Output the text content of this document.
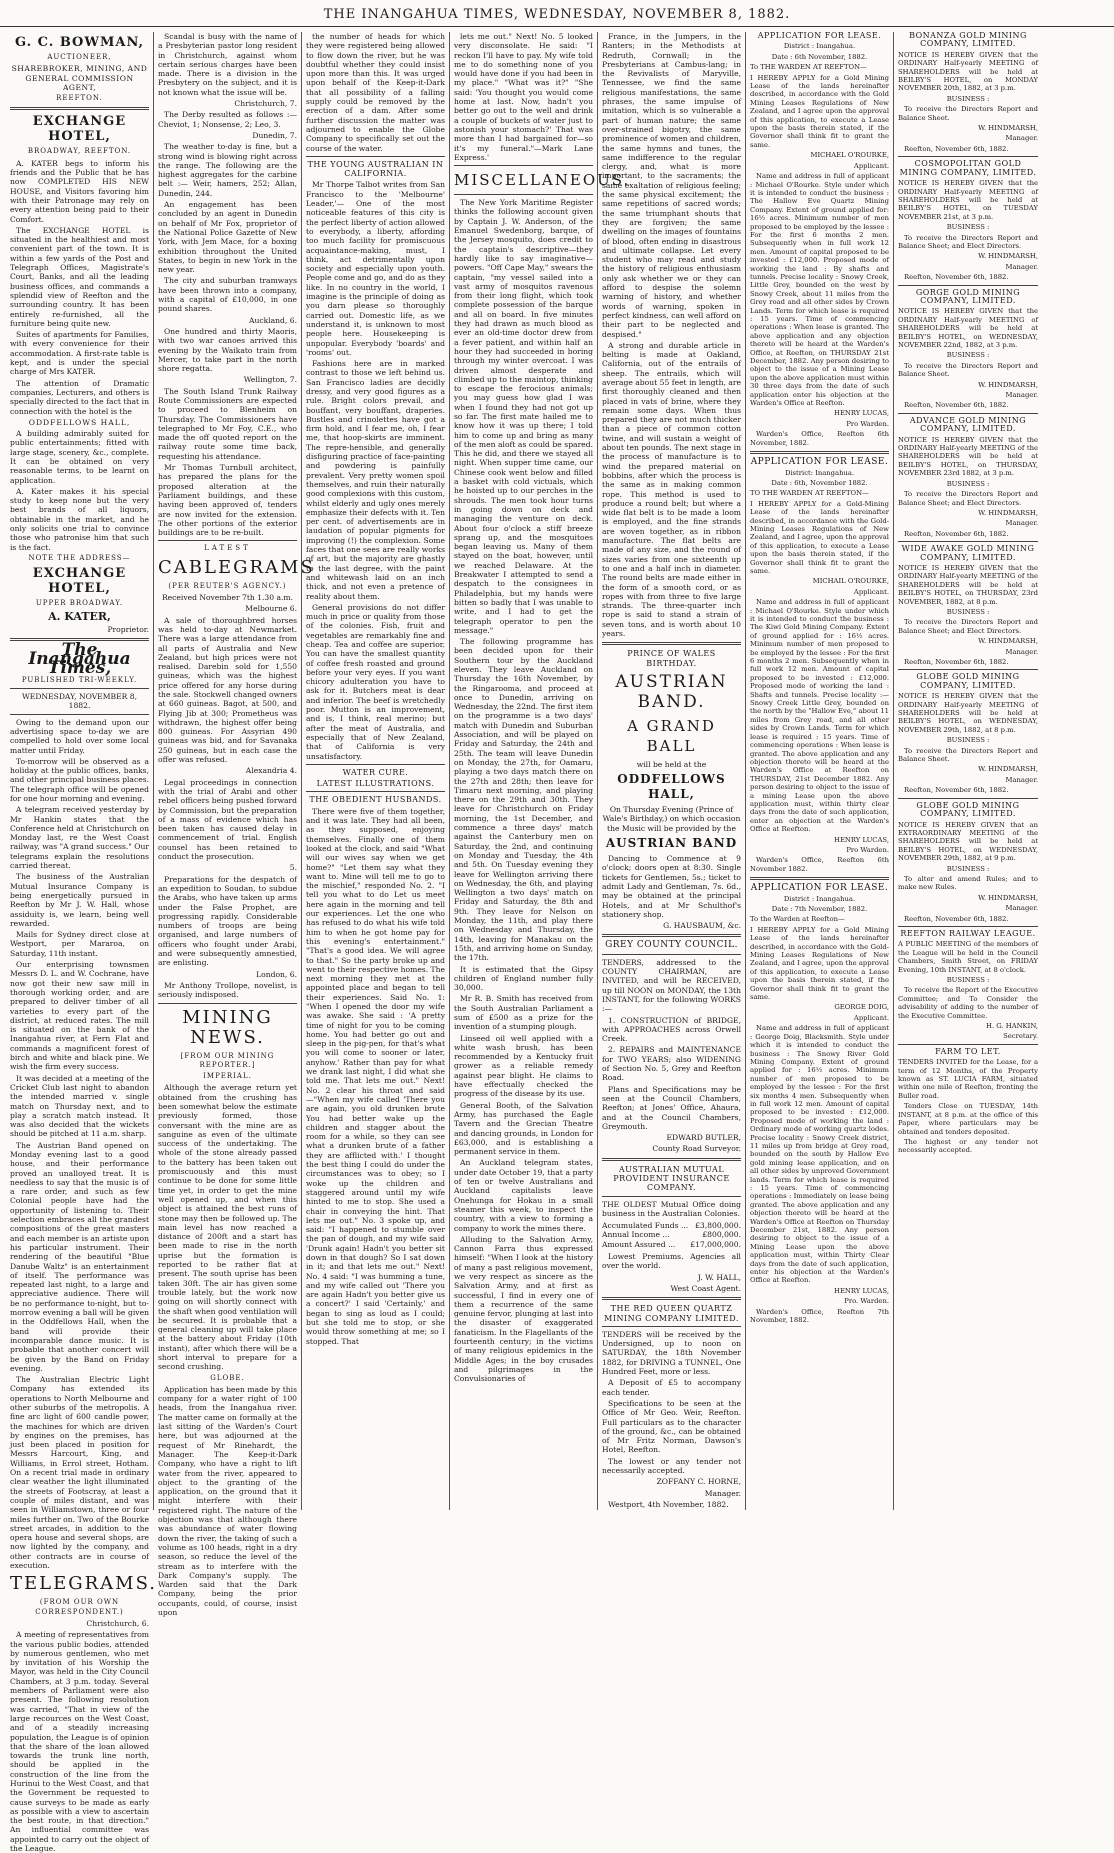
THE INANGAHUA TIMES, WEDNESDAY, NOVEMBER 8, 1882.
G. C. BOWMAN,

AUCTIONEER,

SHAREBROKER, MINING, AND GENERAL COMMISSION AGENT,

REEFTON.

EXCHANGE HOTEL,

BROADWAY, REEFTON.

A. KATER begs to inform his friends and the Public that he has now COMPLETED HIS NEW HOUSE, and Visitors favoring him with their Patronage may rely on every attention being paid to their Comfort.

The EXCHANGE HOTEL is situated in the healthiest and most convenient part of the town. It is within a few yards of the Post and Telegraph Offices, Magistrate's Court, Banks, and all the leading business offices, and commands a splendid view of Reefton and the surrounding country. It has been entirely re-furnished, all the furniture being quite new.

Suites of apartments for Families, with every convenience for their accommodation. A first-rate table is kept, and is under the special charge of Mrs KATER.

The attention of Dramatic companies, Lecturers, and others is specially directed to the fact that in connection with the hotel is the

ODDFELLOWS HALL,

A building admirably suited for public entertainments; fitted with large stage, scenery, &c., complete. It can be obtained on very reasonable terms, to be learnt on application.

A. Kater makes it his special study to keep none but the very best brands of all liquors, obtainable in the market, and he only solicits one trial to convince those who patronise him that such is the fact.

NOTE THE ADDRESS—

EXCHANGE HOTEL,

UPPER BROADWAY.

A. KATER,

Proprietor.

The Inangahua Times,

PUBLISHED TRI-WEEKLY.

WEDNESDAY, NOVEMBER 8, 1882.

Owing to the demand upon our advertising space to-day we are compelled to hold over some local matter until Friday.

To-morrow will be observed as a holiday at the public offices, banks, and other principal business places. The telegraph office will be opened for one hour morning and evening.

A telegram received yesterday by Mr Hankin states that the Conference held at Christchurch on Monday last, re the West Coast railway, was "A grand success." Our telegrams explain the resolutions carried thereat.

The business of the Australian Mutual Insurance Company is being energetically pursued in Reefton by Mr J. W. Hall, whose assiduity is, we learn, being well rewarded.

Mails for Sydney direct close at Westport, per Mararoa, on Saturday, 11th instant.

Our enterprising townsmen Messrs D. L. and W. Cochrane, have now got their new saw mill in thorough working order, and are prepared to deliver timber of all varieties to every part of the district, at reduced rates. The mill is situated on the bank of the Inangahua river, at Fern Flat and commands a magnificent forest of birch and white and black pine. We wish the firm every success.

It was decided at a meeting of the Cricket Club last night to abandon the intended married v. single match on Thursday next, and to play a scratch match instead. It was also decided that the wickets should be pitched at 11 a.m. sharp.

The Austrian Band opened on Monday evening last to a good house, and their performance proved an unalloyed treat. It is needless to say that the music is of a rare order, and such as few Colonial people have had the opportunity of listening to. Their selection embraces all the grandest compositions of the great masters and each member is an artiste upon his particular instrument. Their rendering of the beautiful "Blue Danube Waltz" is an entertainment of itself. The performance was repeated last night, to a large and appreciative audience. There will be no performance to-night, but to-morrow evening a ball will be given in the Oddfellows Hall, when the band will provide their incomparable dance music. It is probable that another concert will be given by the Band on Friday evening.

The Australian Electric Light Company has extended its operations to North Melbourne and other suburbs of the metropolis. A fine arc light of 600 candle power, the machines for which are driven by engines on the premises, has just been placed in position for Messrs Harcourt, King, and Williams, in Errol street, Hotham. On a recent trial made in ordinary clear weather the light illuminated the streets of Footscray, at least a couple of miles distant, and was seen in Williamstown, three or four miles further on. Two of the Bourke street arcades, in addition to the opera house and several shops, are now lighted by the company, and other contracts are in course of execution.

TELEGRAMS.

(FROM OUR OWN CORRESPONDENT.)

Christchurch, 6.

A meeting of representatives from the various public bodies, attended by numerous gentlemen, who met by invitation of his Worship the Mayor, was held in the City Council Chambers, at 3 p.m. today. Several members of Parliament were also present. The following resolution was carried, "That in view of the large recources on the West Coast, and of a steadily increasing population, the League is of opinion that the share of the loan allowed towards the trunk line north, should be applied in the construction of the line from the Hurinui to the West Coast, and that the Government be requested to cause surveys to be made as early as possible with a view to ascertain the best route, in that direction." An influential committee was appointed to carry out the object of the League.

Scandal is busy with the name of a Presbyterian pastor long resident in Christchurch, against whom certain serious charges have been made. There is a division in the Presbytery on the subject, and it is not known what the issue will be.

Christchurch, 7.

The Derby resulted as follows :— Cheviot, 1; Nonsense, 2; Leo, 3.

Dunedin, 7.

The weather to-day is fine, but a strong wind is blowing right across the range. The following are the highest aggregates for the carbine belt :— Weir, hamers, 252; Allan, Dunedin, 244.

An engagement has been concluded by an agent in Dunedin on behalf of Mr Fox, proprietor of the National Police Gazette of New York, with Jem Mace, for a boxing exhibition throughout the United States, to begin in new York in the new year.

The city and suburban tramways have been thrown into a company, with a capital of £10,000, in one pound shares.

Auckland, 6.

One hundred and thirty Maoris, with two war canoes arrived this evening by the Waikato train from Mercer, to take part in the north shore regatta.

Wellington, 7.

The South Island Trunk Railway Route Commissioners are expected to proceed to Blenheim on Thursday. The Commissioners have telegraphed to Mr Foy, C.E., who made the off quoted report on the railway route some time back, requesting his attendance.

Mr Thomas Turnbull architect, has prepared the plans for the proposed alteration at the Parliament buildings, and these having been approved of, tenders are now invited for the extension. The other portions of the exterior buildings are to be re-built.

LATEST

CABLEGRAMS

(PER REUTER'S AGENCY.)

Received November 7th 1.30 a.m.

Melbourne 6.

A sale of thoroughbred horses was held to-day at Newmarket. There was a large attendance from all parts of Australia and New Zealand, but high prices were not realised. Darebin sold for 1,550 guineas, which was the highest price offered for any horse during the sale. Stockwell changed owners at 660 guineas. Bagot, at 500, and Flying Jib at 300; Prometheus was withdrawn, the highest offer being 800 guineas. For Assyrian 490 guineas was bid, and for Savanaka 250 guineas, but in each case the offer was refused.

Alexandria 4.

Legal proceedings in connection with the trial of Arabi and other rebel officers being pushed forward by Commission, but the preparation of a mass of evidence which has been taken has caused delay in commencement of trial. English counsel has been retained to conduct the prosecution.

5.

Preparations for the despatch of an expedition to Soudan, to subdue the Arabs, who have taken up arms under the False Prophet, are progressing rapidly. Considerable numbers of troops are being organised, and large numbers of officers who fought under Arabi, and were subsequently amnestied, are enlisting.

London, 6.

Mr Anthony Trollope, novelist, is seriously indisposed.

MINING NEWS.

[FROM OUR MINING REPORTER.]

IMPERIAL.

Although the average return yet obtained from the crushing has been somewhat below the estimate previously formed, those conversant with the mine are as sanguine as even of the ultimate success of the undertaking. The whole of the stone already passed to the battery has been taken out promiscuously and this must continue to be done for some little time yet, in order to get the mine well opened up, and when this object is attained the best runs of stone may then be followed up. The main level has now reached a distance of 200ft and a start has been made to rise in the north uprise but the formation is reported to be rather flat at present. The south uprise has been taken 30ft. The air has given some trouble lately, but the work now going on will shortly connect with the shaft when good ventilation will be secured. It is probable that a general cleaning up will take place at the battery about Friday (10th instant), after which there will be a short interval to prepare for a second crushing.

GLOBE.

Application has been made by this company for a water right of 100 heads, from the Inangahua river. The matter came on formally at the last sitting of the Warden's Court here, but was adjourned at the request of Mr Rinehardt, the Manager. The Keep-it-Dark Company, who have a right to lift water from the river, appeared to object to the granting of the application, on the ground that it might interfere with their registered right. The nature of the objection was that although there was abundance of water flowing down the river, the taking of such a volume as 100 heads, right in a dry season, so reduce the level of the stream as to interfere with the Dark Company's supply. The Warden said that the Dark Company, being the prior occupants, could, of course, insist upon

the number of heads for which they were registered being allowed to flow down the river, but he was doubtful whether they could insist upon more than this. It was urged upon behalf of the Keep-it-Dark that all possibility of a falling supply could be removed by the erection of a dam. After some further discussion the matter was adjourned to enable the Globe Company to specifically set out the course of the water.

THE YOUNG AUSTRALIAN IN CALIFORNIA.

Mr Thorpe Talbot writes from San Francisco to the 'Melbourne' Leader,'— One of the most noticeable features of this city is the perfect liberty of action allowed to everybody, a liberty, affording too much facility for promiscuous acquaintance-making, must, I think, act detrimentally upon society and especially upon youth. People come and go, and do as they like. In no country in the world, I imagine is the principle of doing as you darn please so thoroughly carried out. Domestic life, as we understand it, is unknown to most people here. Housekeeping is unpopular. Everybody 'boards' and 'rooms' out.

Fashions here are in marked contrast to those we left behind us. San Francisco ladies are decidly dressy, and very good figures as a rule. Bright colors prevail, and bouffant, very bouffant, draperies. Bustles and crinolettes have got a firm hold, and I fear me, oh, I fear me, that hoop-skirts are imminent. The repre-hensible, and generally disfiguring practice of face-painting and powdering is painfully prevalent. Very pretty women spoil themselves, and ruin their naturally good complexions with this custom, whilst elderly and ugly ones merely emphasize their defects with it. Ten per cent. of advertisements are in laudation of popular pigments for improving (!) the complexion. Some faces that one sees are really works of art, but the majority are ghastly to the last degree, with the paint and whitewash laid on an inch thick, and not even a pretence of reality about them.

General provisions do not differ much in price or quality from those of the colonies. Fish, fruit and vegetables are remarkably fine and cheap. Tea and coffee are superior. You can have the smallest quantity of coffee fresh roasted and ground before your very eyes. If you want chicory adulteration you have to ask for it. Butchers meat is dear and inferior. The beef is wretchedly poor. Mutton is an improvement, and is, I think, real merino; but after the meat of Australia, and especially that of New Zealand, that of California is very unsatisfactory.

WATER CURE.

LATEST ILLUSTRATIONS.

THE OBEDIENT HUSBANDS.

There were five of them together, and it was late. They had all been, as they supposed, enjoying themselves. Finally one of them looked at the clock, and said "What will our wives say when we get home?" "Let them say what they want to. Mine will tell me to go to the mischief," responded No. 2. "I tell you what to do Let us meet here again in the morning and tell our experiences. Let the one who has refused to do what his wife told him to when he got home pay for this evening's entertainment." "That's a good idea. We will agree to that." So the party broke up and went to their respective homes. The next morning they met at the appointed place and began to tell their experiences. Said No. 1: "When I opened the door my wife was awake. She said : 'A pretty time of night for you to be coming home. You had better go out and sleep in the pig-pen, for that's what you will come to sooner or later, anyhow.' Rather than pay for what we drank last night, I did what she told me. That lets me out." Next! No. 2 clear his throat and said—"When my wife called 'There you are again, you old drunken brute You had better wake up the children and stagger about the room for a while, so they can see what a drunken brute of a father they are afflicted with.' I thought the best thing I could do under the circumstances was to obey; so I woke up the children and staggered around until my wife hinted to me to stop. She used a chair in conveying the hint. That lets me out." No. 3 spoke up, and said: "I happened to stumble over the pan of dough, and my wife said 'Drunk again! Hadn't you better sit down in that dough? So I sat down in it; and that lets me out." Next! No. 4 said: "I was humming a tune, and my wife called out 'There you are again Hadn't you better give us a concert?' I said 'Certainly,' and began to sing as loud as I could; but she told me to stop, or she would throw something at me; so I stopped. That

lets me out." Next! No. 5 looked very disconsolate. He said: "I reckon I'll have to pay. My wife told me to do something none of you would have done if you had been in my place." "What was it?" "She said: 'You thought you would come home at last. Now, hadn't you better go out to the well and drink a couple of buckets of water just to astonish your stomach?' That was more than I had bargained for—so it's my funeral."—Mark Lane Express.'

MISCELLANEOUS.

The New York Maritime Register thinks the following account given by Captain J. W. Anderson, of the Emanuel Swedenborg, barque, of the Jersey mosquito, does credit to the captain's descriptive—they hardly like to say imaginative—powers. "Off Cape May," swears the captain, "my vessel sailed into a vast army of mosquitos ravenous from their long flight, which took complete possession of the barque and all on board. In five minutes they had drawn as much blood as ever an old-time doctor drew from a fever patient, and within half an hour they had succeeded in boring through my winter overcoat. I was driven almost desperate and climbed up to the maintop, thinking to escape the ferocious animals; you may guess how glad I was when I found they had not got up so far. The first mate hailed me to know how it was up there; I told him to come up and bring as many of the men aloft as could be spared. This he did, and there we stayed all night. When supper time came, our Chinese cook went below and filled a basket with cold victuals, which he hoisted up to our perches in the shrouds. The men took hour turns in going down on deck and managing the venture on deck. About four o'clock a stiff breeze sprang up, and the mosquitoes began leaving us. Many of them stayed on the boat, however, until we reached Delaware. At the Breakwater I attempted to send a despatch to the consignees in Philadelphia, but my hands were bitten so badly that I was unable to write, and I had to get the telegraph operator to pen the message."

The following programme has been decided upon for their Southern tour by the Auckland eleven. They leave Auckland on Thursday the 16th November, by the Ringarooma, and proceed at once to Dunedin, arriving on Wednesday, the 22nd. The first item on the programme is a two days' match with Dunedin and Suburban Association, and will be played on Friday and Saturday, the 24th and 25th. The team will leave Dunedin on Monday, the 27th, for Oamaru, playing a two days match there on the 27th and 28th; then leave for Timaru next morning, and playing there on the 29th and 30th. They leave for Christchurch on Friday morning, the 1st December, and commence a three days' match against the Canterbury men on Saturday, the 2nd, and continuing on Monday and Tuesday, the 4th and 5th. On Tuesday evening they leave for Wellington arriving there on Wednesday, the 6th, and playing Wellington a two days' match on Friday and Saturday, the 8th and 9th. They leave for Nelson on Monday, the 11th, and play there on Wednesday and Thursday, the 14th, leaving for Manakau on the 15th, and arriving home on Sunday, the 17th.

It is estimated that the Gipsy children of England number fully 30,000.

Mr R. B. Smith has received from the South Australian Parliament a sum of £500 as a prize for the invention of a stumping plough.

Linseed oil well applied with a white wash brush, has been recommended by a Kentucky fruit grower as a reliable remedy against pear blight. He claims to have effectually checked the progress of the disease by its use.

General Booth, of the Salvation Army, has purchased the Eagle Tavern and the Grecian Theatre and dancing grounds, in London for £63,000, and is establishing a permanent service in them.

An Auckland telegram states, under date October 19, that a party of ten or twelve Australians and Auckland capitalists leave Onehunga for Hokau in a small steamer this week, to inspect the country, with a view to forming a company to work the mines there.

Alluding to the Salvation Army, Cannon Farra thus expressed himself: "When I look at the history of many a past religious movement, we very respect as sincere as the Salvation Army, and at first as successful, I find in every one of them a recurrence of the same genuine fervor, plunging at last into the disaster of exaggerated fanaticism. In the Flagellants of the fourteenth century; in the victims of many religious epidemics in the Middle Ages; in the boy crusades and pilgrimages in the Convulsionaries of

France, in the Jumpers, in the Ranters; in the Methodists at Redruth, Cornwall; in the Presbyterians at Cambus-lang; in the Revivalists of Maryville, Tennessee, we find the same religious manifestations, the same phrases, the same impulse of imitation, which is so vulnerable a part of human nature; the same over-strained bigotry, the same prominence of women and children, the same hymns and tunes, the same indifference to the regular clergy, and, what is more important, to the sacraments; the same exaltation of religious feeling; the same physical excitement; the same repetitions of sacred words; the same triumphant shouts that they are forgiven; the same dwelling on the images of fountains of blood, often ending in disastrous and ultimate collapse. Let every student who may read and study the history of religious enthusiasm only ask whether we or they can afford to despise the solemn warning of history, and whether words of warning, spoken in perfect kindness, can well afford on their part to be neglected and despised."

A strong and durable article in belting is made at Oakland, California, out of the entrails of sheep. The entrails, which will average about 55 feet in length, are first thoroughly cleaned and then placed in vats of brine, where they remain some days. When thus prepared they are not much thicker than a piece of common cotton twine, and will sustain a weight of about ten pounds. The next stage in the process of manufacture is to wind the prepared material on bobbins, after which the process is the same as in making common rope. This method is used to produce a round belt; but where a wide flat belt is to be made a loom is employed, and the fine strands are woven together, as in ribbon manufacture. The flat belts are made of any size, and the round of sizes varies from one sixteenth up to one and a half inch in diameter. The round belts are made either in the form of a smooth cord, or as ropes with from three to five large strands. The three-quarter inch rope is said to stand a strain of seven tons, and is worth about 10 years.

PRINCE OF WALES BIRTHDAY.

AUSTRIAN BAND.
A GRAND BALL

will be held at the

ODDFELLOWS HALL,

On Thursday Evening (Prince of Wale's Birthday,) on which occasion the Music will be provided by the

AUSTRIAN BAND

Dancing to Commence at 9 o'clock; doors open at 8:30. Single tickets for Gentlemen, 5s.; ticket to admit Lady and Gentleman, 7s. 6d., may be obtained at the principal Hotels, and at Mr Schulthof's stationery shop.

G. HAUSBAUM, &c.

GREY COUNTY COUNCIL.

TENDERS, addressed to the COUNTY CHAIRMAN, are INVITED, and will be RECEIVED, up till NOON on MONDAY, the 13th INSTANT, for the following WORKS :—

1. CONSTRUCTION of BRIDGE, with APPROACHES across Orwell Creek.

2. REPAIRS and MAINTENANCE for TWO YEARS; also WIDENING of Section No. 5, Grey and Reefton Road.

Plans and Specifications may be seen at the Council Chambers, Reefton; at Jones' Office, Ahaura, and at the Council Chambers, Greymouth.

EDWARD BUTLER,

County Road Surveyor.

AUSTRALIAN MUTUAL PROVIDENT INSURANCE COMPANY.

THE OLDEST Mutual Office doing business in the Australian Colonies.

Accumulated Funds ... £3,800,000.
Annual Income ...	£800,000.
Amount Assured ... £17,000,000.

Lowest Premiums. Agencies all over the world.

J. W. HALL,

West Coast Agent.

THE RED QUEEN QUARTZ MINING COMPANY LIMITED.

TENDERS will be received by the Undersigned, up to noon on SATURDAY, the 18th November 1882, for DRIVING a TUNNEL, One Hundred Feet, more or less.

A Deposit of £5 to accompany each tender.

Specifications to be seen at the Office of Mr Geo. Weir, Reefton. Full particulars as to the character of the ground, &c., can be obtained of Mr Fritz Norman, Dawson's Hotel, Reefton.

The lowest or any tender not necessarily accepted.

ZOFFANY C. HORNE,

Manager.

Westport, 4th November, 1882.

APPLICATION FOR LEASE.

District : Inangahua.

Date : 6th November, 1882.

To THE WARDEN AT REEFTON—

I HEREBY APPLY for a Gold Mining Lease of the lands hereinafter described, in accordance with the Gold Mining Leases Regulations of New Zealand, and I agree upon the approval of this application, to execute a Lease upon the basis therein stated, if the Governor shall think fit to grant the same.

MICHAEL O'ROURKE,

Applicant.

Name and address in full of applicant : Michael O'Rourke. Style under which it is intended to conduct the business : The Hallow Eve Quartz Mining Company. Extent of ground applied for: 16½ acres. Minimum number of men proposed to be employed by the lessee : For the first 6 months 2 men. Subsequently when in full work 12 men. Amount of capital proposed to be invested : £12,000. Proposed mode of working the land : By shafts and tunnels. Precise locality : Snowy Creek, Little Grey, bounded on the west by Snowy Creek, about 11 miles from the Grey road and all other sides by Crown Lands. Term for which lease is required : 15 years. Time of commencing operations : When lease is granted. The above application and any objection thereto will be heard at the Warden's Office, at Reefton, on THURSDAY 21st December, 1882. Any person desiring to object to the issue of a Mining Lease upon the above application must within 30 three days from the date of such application enter his objection at the Warden's Office at Reefton.

HENRY LUCAS,

Pro Warden.

Warden's Office, Reefton 6th November, 1882.

APPLICATION FOR LEASE.

District: Inangahua.

Date : 6th, November 1882.

TO THE WARDEN AT REEFTON—

I HEREBY APPLY for a Gold-Mining Lease of the lands hereinafter described, in accordance with the Gold-Mining Leases Regulations of New Zealand, and I agree, upon the approval of this application, to execute a Lease upon the basis therein stated, if the Governor shall think fit to grant the same.

MICHAIL O'ROURKE,

Applicant.

Name and address in full of applicant : Michael O'Rourke. Style under which it is intended to conduct the business : The Kiwi Gold Mining Company. Extent of ground applied for : 16½ acres. Minimum number of men proposed to be employed by the lessee : For the first 6 months 2 men. Subsequently when in full work 12 men. Amount of capital proposed to be invested : £12,000. Proposed mode of working the land : Shafts and tunnels. Precise locality :—Snowy Creek Little Grey, bounded on the north by the "Hallow Eve," about 11 miles from Grey road, and all other sides by Crown Lands. Term for which lease is required : 15 years. Time of commencing operations : When lease is granted. The above application and any objection thereto will be heard at the Warden's Office at Reefton on THURSDAY, 21st December 1882. Any person desiring to object to the issue of a mining Lease upon the above application must, within thirty clear days from the date of such application, enter an objection at the Warden's Office at Reefton.

HENRY LUCAS,

Pro Warden.

Warden's Office, Reefton 6th November 1882.

APPLICATION FOR LEASE.

District : Inangahua.

Date : 7th November, 1882.

To the Warden at Reefton—

I HEREBY APPLY for a Gold Mining Lease of the lands hereinafter described, in accordance with the Gold-Mining Leases Regulations of New Zealand, and I agree, upon the approval of this application, to execute a Lease upon the basis therein stated, if the Governor shall think fit to grant the same.

GEORGE DOIG,

Applicant.

Name and address in full of applicant : George Doig, Blacksmith. Style under which it is intended to conduct the business : The Snowy River Gold Mining Company. Extent of ground applied for : 16½ acres. Minimum number of men proposed to be employed by the lessee : For the first six months 4 men. Subsequently when in full work 12 men. Amount of capital proposed to be invested : £12,000. Proposed mode of working the land : Ordinary mode of working quartz lodes. Precise locality : Snowy Creek district, 11 miles up from bridge at Grey road, bounded on the south by Hallow Eve gold mining lease application, and on all other sides by unproved Government lands. Term for which lease is required : 15 years. Time of commencing operations : Immediately on lease being granted. The above application and any objection thereto will be heard at the Warden's Office at Reefton on Thursday December 21st, 1882. Any person desiring to object to the issue of a Mining Lease upon the above application must, within Thirty Clear days from the date of such application, enter his objection at the Warden's Office at Reefton.

HENRY LUCAS,

Pro. Warden.

Warden's Office, Reefton 7th November, 1882.

BONANZA GOLD MINING COMPANY, LIMITED.

NOTICE IS HEREBY GIVEN that the ORDINARY Half-yearly MEETING of SHAREHOLDERS will be held at BEILBY'S HOTEL, on MONDAY NOVEMBER 20th, 1882, at 3 p.m.

BUSINESS :

To receive the Directors Report and Balance Sheet.

W. HINDMARSH,

Manager.

Reefton, November 6th, 1882.

COSMOPOLITAN GOLD MINING COMPANY, LIMITED.

NOTICE IS HEREBY GIVEN that the ORDINARY Half-yearly MEETING of SHAREHOLDERS will be held at BEILBY'S HOTEL, on TUESDAY NOVEMBER 21st, at 3 p.m.

BUSINESS :

To receive the Directors Report and Balance Sheet; and Elect Directors.

W. HINDMARSH,

Manager.

Reefton, November 6th, 1882.

GORGE GOLD MINING COMPANY, LIMITED.

NOTICE IS HEREBY GIVEN that the ORDINARY Half-yearly MEETING of SHAREHOLDERS will be held at BEILBY'S HOTEL, on WEDNESDAY, NOVEMBER 22nd, 1882, at 3 p.m.

BUSINESS :

To receive the Directors Report and Balance Sheet.

W. HINDMARSH,

Manager.

Reefton, November 6th, 1882.

ADVANCE GOLD MINING COMPANY, LIMITED.

NOTICE IS HEREBY GIVEN that the ORDINARY Half-yearly MEETING of the SHAREHOLDERS will be held at BEILBY'S HOTEL, on THURSDAY, NOVEMBER 23rd 1882, at 3 p.m.

BUSINESS :

To receive the Directors Report and Balance Sheet; and Elect Directors.

W. HINDMARSH,

Manager.

Reefton, November 6th, 1882.

WIDE AWAKE GOLD MINING COMPANY, LIMITED.

NOTICE IS HEREBY GIVEN that the ORDINARY Half-yearly MEETING of the SHAREHOLDERS will be held at BEILBY'S HOTEL, on THURSDAY, 23rd NOVEMBER, 1882, at 8 p.m.

BUSINESS :

To receive the Directors Report and Balance Sheet; and Elect Directors.

W. HINDMARSH,

Manager.

Reefton, November 6th, 1882.

GLOBE GOLD MINING COMPANY, LIMITED.

NOTICE IS HEREBY GIVEN that the ORDINARY Half-yearly MEETING of SHAREHOLDERS will be held at BEILBY'S HOTEL, on WEDNESDAY, NOVEMBER 29th, 1882, at 8 p.m.

BUSINESS :

To receive the Directors Report and Balance Sheet.

W. HINDMARSH,

Manager.

Reefton, November 6th, 1882.

GLOBE GOLD MINING COMPANY, LIMITED.

NOTICE IS HEREBY GIVEN that an EXTRAORDINARY MEETING of the SHAREHOLDERS will be held at BEILBY'S HOTEL, on WEDNESDAY, NOVEMBER 29th, 1882, at 9 p.m.

BUSINESS :

To alter and amend Rules; and to make new Rules.

W. HINDMARSH,

Manager.

Reefton, November 6th, 1882.

REEFTON RAILWAY LEAGUE.

A PUBLIC MEETING of the members of the League will be held in the Council Chambers, Smith Street, on FRIDAY Evening, 10th INSTANT, at 8 o'clock.

BUSINESS :

To receive the Report of the Executive Committee; and To Consider the advisability of adding to the number of the Executive Committee.

H. G. HANKIN,

Secretary.

FARM TO LET.

TENDERS INVITED for the Lease, for a term of 12 Months, of the Property known as ST. LUCIA FARM, situated within one mile of Reefton, fronting the Buller road.

Tenders Close on TUESDAY, 14th INSTANT, at 8 p.m. at the office of this Paper, where particulars may be obtained and tenders deposited.

The highest or any tender not necessarily accepted.
